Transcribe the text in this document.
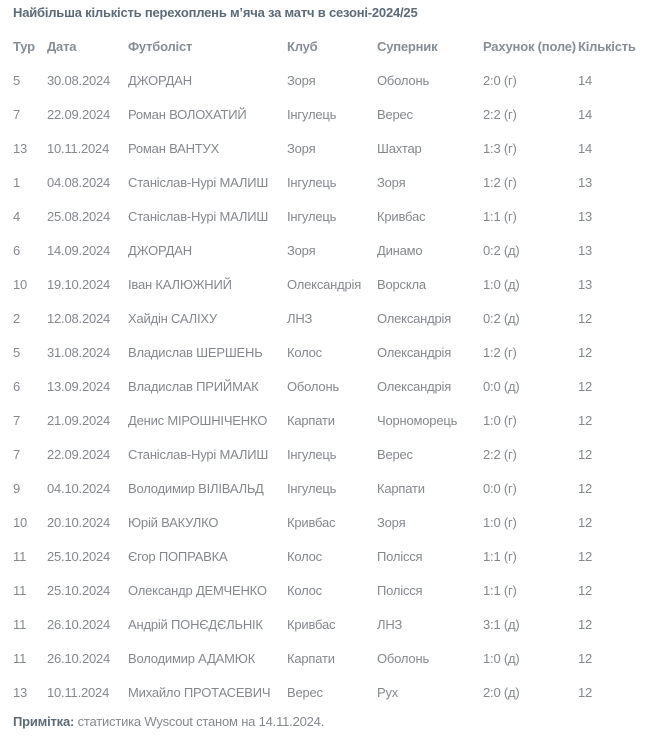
Найбільша кількість перехоплень м’яча за матч в сезоні-2024/25
Тур	Дата	Футболіст	Клуб	Суперник	Рахунок (поле)	Кількість
5	30.08.2024	ДЖОРДАН	Зоря	Оболонь	2:0 (г)	14
7	22.09.2024	Роман ВОЛОХАТИЙ	Інгулець	Верес	2:2 (г)	14
13	10.11.2024	Роман ВАНТУХ	Зоря	Шахтар	1:3 (г)	14
1	04.08.2024	Станіслав-Нурі МАЛИШ	Інгулець	Зоря	1:2 (г)	13
4	25.08.2024	Станіслав-Нурі МАЛИШ	Інгулець	Кривбас	1:1 (г)	13
6	14.09.2024	ДЖОРДАН	Зоря	Динамо	0:2 (д)	13
10	19.10.2024	Іван КАЛЮЖНИЙ	Олександрія	Ворскла	1:0 (д)	13
2	12.08.2024	Хайдін САЛІХУ	ЛНЗ	Олександрія	0:2 (д)	12
5	31.08.2024	Владислав ШЕРШЕНЬ	Колос	Олександрія	1:2 (г)	12
6	13.09.2024	Владислав ПРИЙМАК	Оболонь	Олександрія	0:0 (д)	12
7	21.09.2024	Денис МІРОШНІЧЕНКО	Карпати	Чорноморець	1:0 (г)	12
7	22.09.2024	Станіслав-Нурі МАЛИШ	Інгулець	Верес	2:2 (г)	12
9	04.10.2024	Володимир ВІЛІВАЛЬД	Інгулець	Карпати	0:0 (г)	12
10	20.10.2024	Юрій ВАКУЛКО	Кривбас	Зоря	1:0 (г)	12
11	25.10.2024	Єгор ПОПРАВКА	Колос	Полісся	1:1 (г)	12
11	25.10.2024	Олександр ДЕМЧЕНКО	Колос	Полісся	1:1 (г)	12
11	26.10.2024	Андрій ПОНЄДЄЛЬНІК	Кривбас	ЛНЗ	3:1 (д)	12
11	26.10.2024	Володимир АДАМЮК	Карпати	Оболонь	1:0 (д)	12
13	10.11.2024	Михайло ПРОТАСЕВИЧ	Верес	Рух	2:0 (д)	12

Примітка: статистика Wyscout станом на 14.11.2024.
